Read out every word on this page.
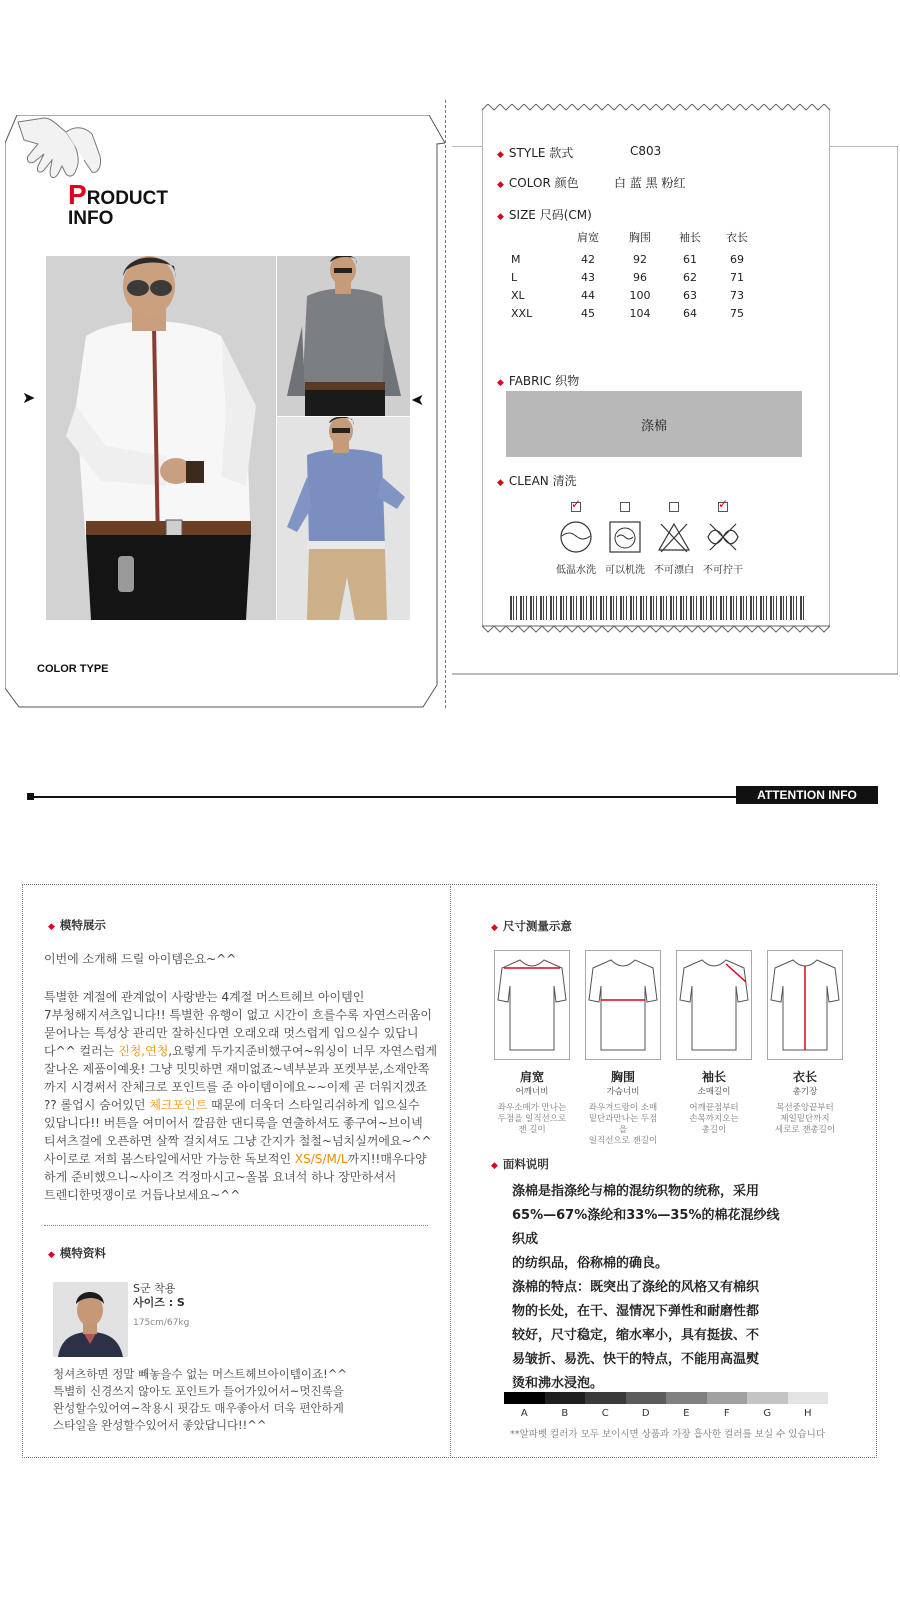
PRODUCT
INFO
➤	➤
COLOR TYPE
◆ STYLE 款式	C803
◆ COLOR 颜色	白 蓝 黑 粉红
◆ SIZE 尺码(CM)
	肩宽	胸围	袖长	衣长

M	42	92	61	69
L	43	96	62	71
XL	44	100	63	73
XXL	45	104	64	75
◆ FABRIC 织物
涤棉
◆ CLEAN 清洗
✓
低温水洗 可以机洗 不可漂白
✓ 不可拧干
ATTENTION INFO
◆ 模特展示
이번에 소개해 드릴 아이템은요~^^
특별한 계절에 관계없이 사랑받는 4계절 머스트헤브 아이템인
7부청해지셔츠입니다!! 특별한 유행이 없고 시간이 흐를수록 자연스러움이
묻어나는 특성상 관리만 잘하신다면 오래오래 멋스럽게 입으실수 있답니
다^^ 컬러는 진청,연청,요렇게 두가지준비했구여~워싱이 너무 자연스럽게
잘나온 제품이예욧! 그냥 밋밋하면 재미없죠~넥부분과 포켓부분,소재안쪽
까지 시경써서 잔체크로 포인트를 준 아이템이에요~~이제 곧 더워지겠죠
?? 롤업시 숨어있던 체크포인트 때문에 더욱더 스타일리쉬하게 입으실수
있답니다!! 버튼을 여미어서 깔끔한 댄디룩을 연출하셔도 좋구여~브이넥
티셔츠걸에 오픈하면 살짝 걸치셔도 그냥 간지가 철철~넘치실꺼에요~^^
사이로로 저희 봄스타일에서만 가능한 독보적인 XS/S/M/L까지!!매우다양
하게 준비했으니~사이즈 걱정마시고~올봄 요녀석 하나 장만하셔서
트렌디한멋쟁이로 거듭나보세요~^^
◆ 模特资料
S군 착용
사이즈 : S
175cm/67kg
청셔츠하면 정말 빼놓을수 없는 머스트헤브아이템이죠!^^
특별히 신경쓰지 않아도 포인트가 들어가있어서~멋진룩을
완성할수있어여~착용시 핏감도 매우좋아서 더욱 편안하게
스타일을 완성할수있어서 좋았답니다!!^^
◆ 尺寸测量示意
肩宽
어깨너비
좌우소매가 만나는
두점을 일직선으로
잰 길이
胸围
가슴너비
좌우겨드랑이 소매
밑단과만나는 두점을
일직선으로 잰길이
袖长
소매길이
어깨끝점부터
손목까지오는
총길이
衣长
총기장
목선중앙끝부터
제일밑단까지
세로로 잰총길이
◆ 面料说明
涤棉是指涤纶与棉的混纺织物的统称，采用
65%—67%涤纶和33%—35%的棉花混纱线织成
的纺织品，俗称棉的确良。
涤棉的特点：既突出了涤纶的风格又有棉织
物的长处，在干、湿情况下弹性和耐磨性都
较好，尺寸稳定，缩水率小，具有挺拔、不
易皱折、易洗、快干的特点，不能用高温熨
烫和沸水浸泡。
A	B	C	D	E	F	G	H
**알파벳 컬러가 모두 보이시면 상품과 가장 흡사한 컬러를 보실 수 있습니다
